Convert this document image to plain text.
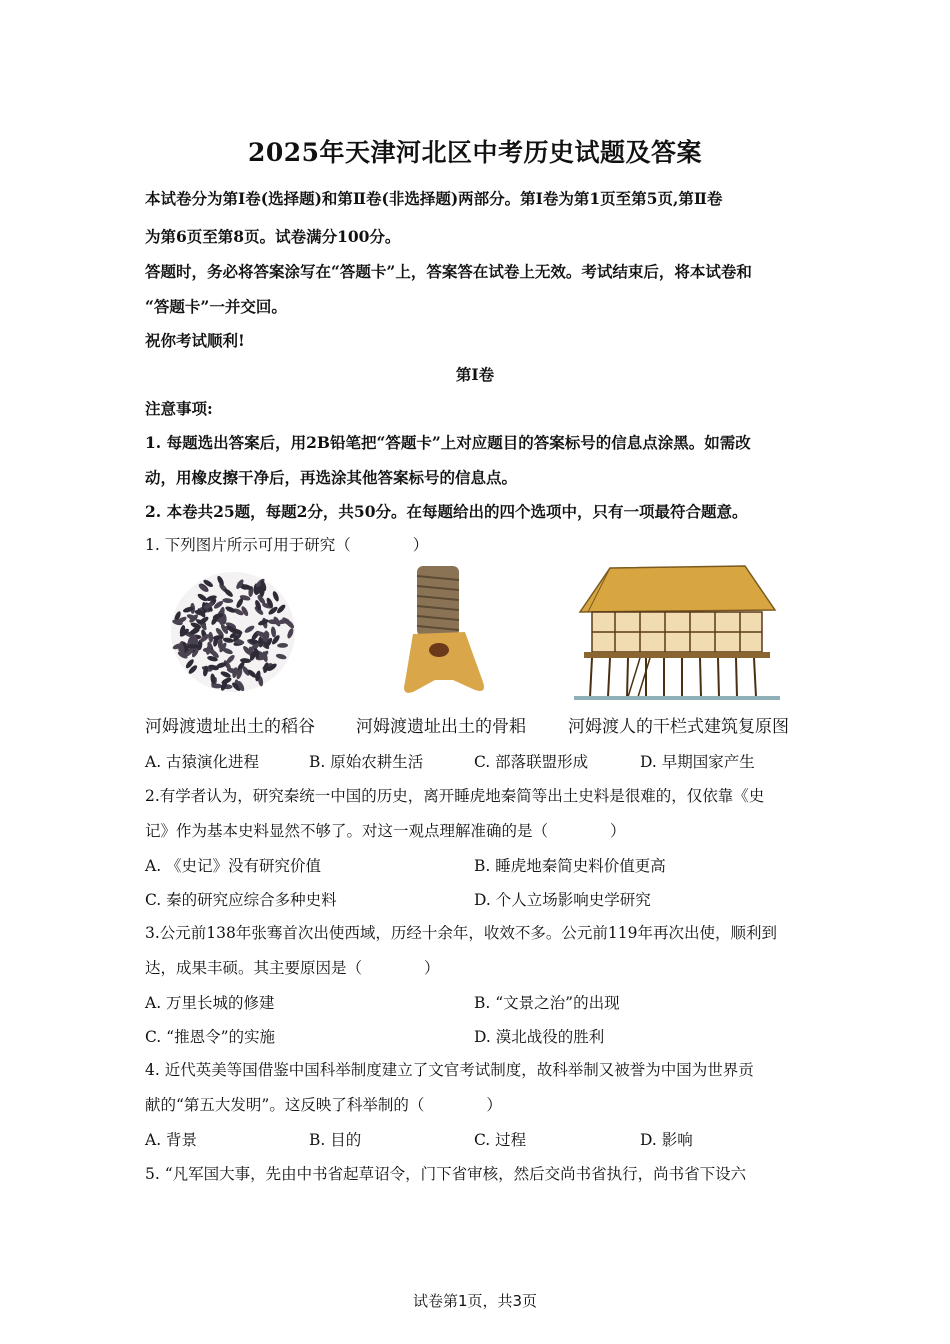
2025年天津河北区中考历史试题及答案
本试卷分为第Ⅰ卷(选择题)和第Ⅱ卷(非选择题)两部分。第Ⅰ卷为第1页至第5页,第Ⅱ卷
为第6页至第8页。试卷满分100分。
答题时，务必将答案涂写在“答题卡”上，答案答在试卷上无效。考试结束后，将本试卷和
“答题卡”一并交回。
祝你考试顺利!
第Ⅰ卷
注意事项:
1. 每题选出答案后，用2B铅笔把“答题卡”上对应题目的答案标号的信息点涂黑。如需改
动，用橡皮擦干净后，再选涂其他答案标号的信息点。
2. 本卷共25题，每题2分，共50分。在每题给出的四个选项中，只有一项最符合题意。
1. 下列图片所示可用于研究（　　　　）
河姆渡遗址出土的稻谷 河姆渡遗址出土的骨耜 河姆渡人的干栏式建筑复原图
A. 古猿演化进程	B. 原始农耕生活	C. 部落联盟形成	D. 早期国家产生
2.有学者认为，研究秦统一中国的历史，离开睡虎地秦简等出土史料是很难的，仅依靠《史
记》作为基本史料显然不够了。对这一观点理解准确的是（　　　　）
A. 《史记》没有研究价值	B. 睡虎地秦简史料价值更高
C. 秦的研究应综合多种史料	D. 个人立场影响史学研究
3.公元前138年张骞首次出使西域，历经十余年，收效不多。公元前119年再次出使，顺利到
达，成果丰硕。其主要原因是（　　　　）
A. 万里长城的修建	B. “文景之治”的出现
C. “推恩令”的实施	D. 漠北战役的胜利
4. 近代英美等国借鉴中国科举制度建立了文官考试制度，故科举制又被誉为中国为世界贡
献的“第五大发明”。这反映了科举制的（　　　　）
A. 背景	B. 目的	C. 过程	D. 影响
5. “凡军国大事，先由中书省起草诏令，门下省审核，然后交尚书省执行，尚书省下设六
试卷第1页，共3页
